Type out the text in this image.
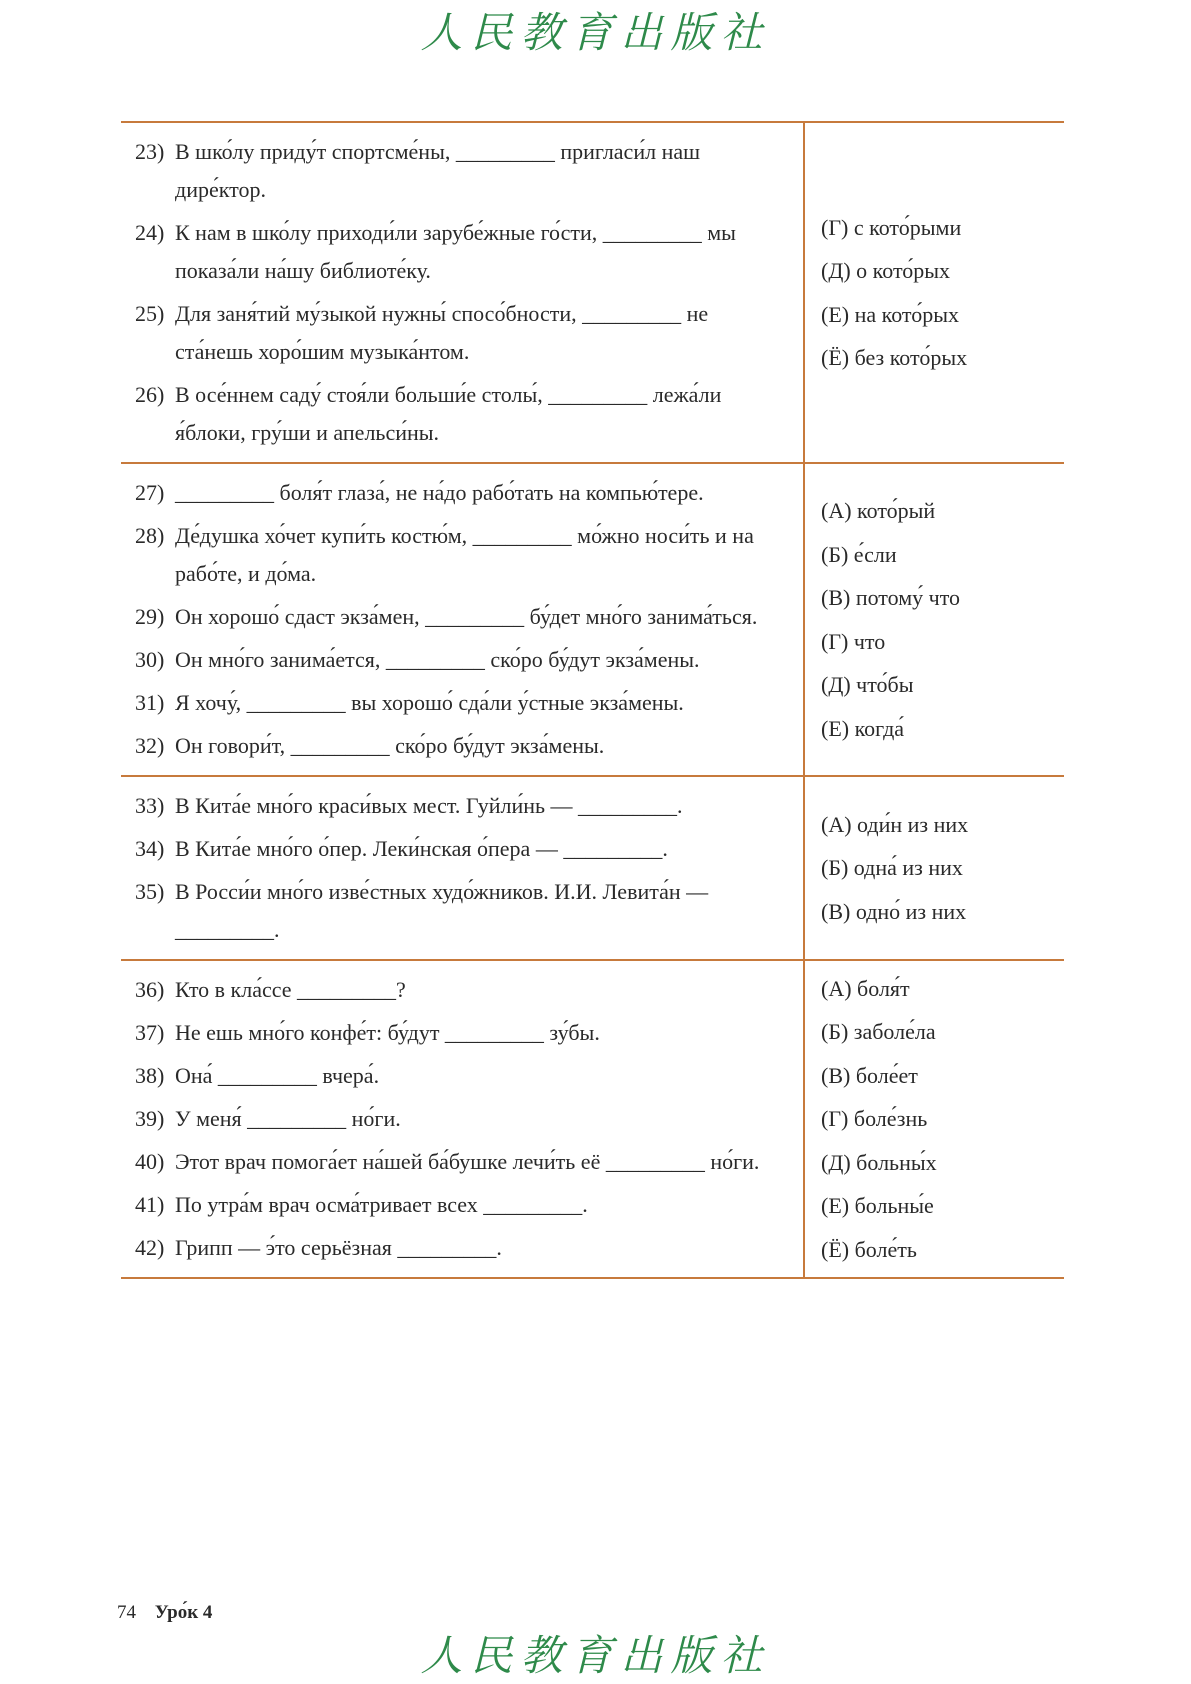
人民教育出版社
23) В шко́лу приду́т спортсме́ны, _________ пригласи́л наш дире́ктор.
24) К нам в шко́лу приходи́ли зарубе́жные го́сти, _________ мы показа́ли на́шу библиоте́ку.
25) Для заня́тий му́зыкой нужны́ спосо́бности, _________ не ста́нешь хоро́шим музыка́нтом.
26) В осе́ннем саду́ стоя́ли больши́е столы́, _________ лежа́ли я́блоки, гру́ши и апельси́ны.
(Г) с кото́рыми
(Д) о кото́рых
(Е) на кото́рых
(Ё) без кото́рых
27) _________ боля́т глаза́, не на́до рабо́тать на компью́тере.
28) Де́душка хо́чет купи́ть костю́м, _________ мо́жно носи́ть и на рабо́те, и до́ма.
29) Он хорошо́ сдаст экза́мен, _________ бу́дет мно́го занима́ться.
30) Он мно́го занима́ется, _________ ско́ро бу́дут экза́мены.
31) Я хочу́, _________ вы хорошо́ сда́ли у́стные экза́мены.
32) Он говори́т, _________ ско́ро бу́дут экза́мены.
(А) кото́рый
(Б) е́сли
(В) потому́ что
(Г) что
(Д) что́бы
(Е) когда́
33) В Кита́е мно́го краси́вых мест. Гуйли́нь — _________.
34) В Кита́е мно́го о́пер. Леки́нская о́пера — _________.
35) В Росси́и мно́го изве́стных худо́жников. И.И. Левита́н — _________.
(А) оди́н из них
(Б) одна́ из них
(В) одно́ из них
36) Кто в кла́ссе _________?
37) Не ешь мно́го конфе́т: бу́дут _________ зу́бы.
38) Она́ _________ вчера́.
39) У меня́ _________ но́ги.
40) Этот врач помога́ет на́шей ба́бушке лечи́ть её _________ но́ги.
41) По утра́м врач осма́тривает всех _________.
42) Грипп — э́то серьёзная _________.
(А) боля́т
(Б) заболе́ла
(В) боле́ет
(Г) боле́знь
(Д) больны́х
(Е) больны́е
(Ё) боле́ть
74 Уро́к 4
人民教育出版社
